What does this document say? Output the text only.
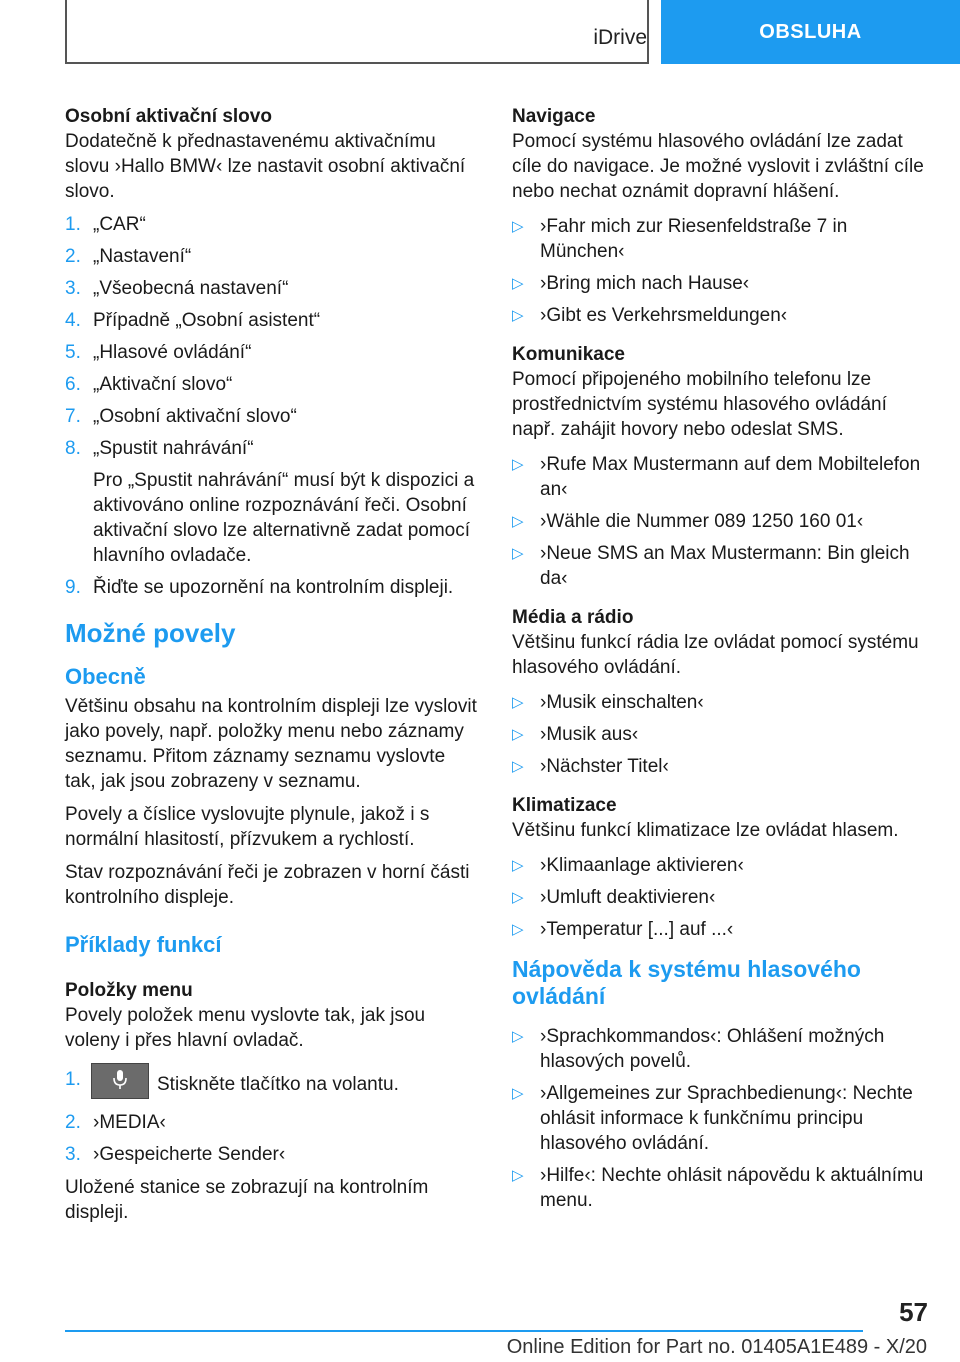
iDrive	OBSLUHA
Osobní aktivační slovo
Dodatečně k přednastavenému aktivačnímu slovu ›Hallo BMW‹ lze nastavit osobní aktivační slovo.
1. „CAR“
2. „Nastavení“
3. „Všeobecná nastavení“
4. Případně „Osobní asistent“
5. „Hlasové ovládání“
6. „Aktivační slovo“
7. „Osobní aktivační slovo“
8. „Spustit nahrávání“
Pro „Spustit nahrávání“ musí být k dispozici a aktivováno online rozpoznávání řeči. Osobní aktivační slovo lze alternativně zadat pomocí hlavního ovladače.
9. Řiďte se upozornění na kontrolním displeji.
Možné povely
Obecně
Většinu obsahu na kontrolním displeji lze vyslovit jako povely, např. položky menu nebo záznamy seznamu. Přitom záznamy seznamu vyslovte tak, jak jsou zobrazeny v seznamu.
Povely a číslice vyslovujte plynule, jakož i s normální hlasitostí, přízvukem a rychlostí.
Stav rozpoznávání řeči je zobrazen v horní části kontrolního displeje.
Příklady funkcí
Položky menu
Povely položek menu vyslovte tak, jak jsou voleny i přes hlavní ovladač.
1.	Stiskněte tlačítko na volantu.
2. ›MEDIA‹
3. ›Gespeicherte Sender‹
Uložené stanice se zobrazují na kontrolním displeji.
Navigace
Pomocí systému hlasového ovládání lze zadat cíle do navigace. Je možné vyslovit i zvláštní cíle nebo nechat oznámit dopravní hlášení.
▷ ›Fahr mich zur Riesenfeldstraße 7 in München‹
▷ ›Bring mich nach Hause‹
▷ ›Gibt es Verkehrsmeldungen‹
Komunikace
Pomocí připojeného mobilního telefonu lze prostřednictvím systému hlasového ovládání např. zahájit hovory nebo odeslat SMS.
▷ ›Rufe Max Mustermann auf dem Mobiltelefon an‹
▷ ›Wähle die Nummer 089 1250 160 01‹
▷ ›Neue SMS an Max Mustermann: Bin gleich da‹
Média a rádio
Většinu funkcí rádia lze ovládat pomocí systému hlasového ovládání.
▷ ›Musik einschalten‹
▷ ›Musik aus‹
▷ ›Nächster Titel‹
Klimatizace
Většinu funkcí klimatizace lze ovládat hlasem.
▷ ›Klimaanlage aktivieren‹
▷ ›Umluft deaktivieren‹
▷ ›Temperatur [...] auf ...‹
Nápověda k systému hlasového ovládání
▷ ›Sprachkommandos‹: Ohlášení možných hlasových povelů.
▷ ›Allgemeines zur Sprachbedienung‹: Nechte ohlásit informace k funkčnímu principu hlasového ovládání.
▷ ›Hilfe‹: Nechte ohlásit nápovědu k aktuálnímu menu.
57
Online Edition for Part no. 01405A1E489 - X/20
